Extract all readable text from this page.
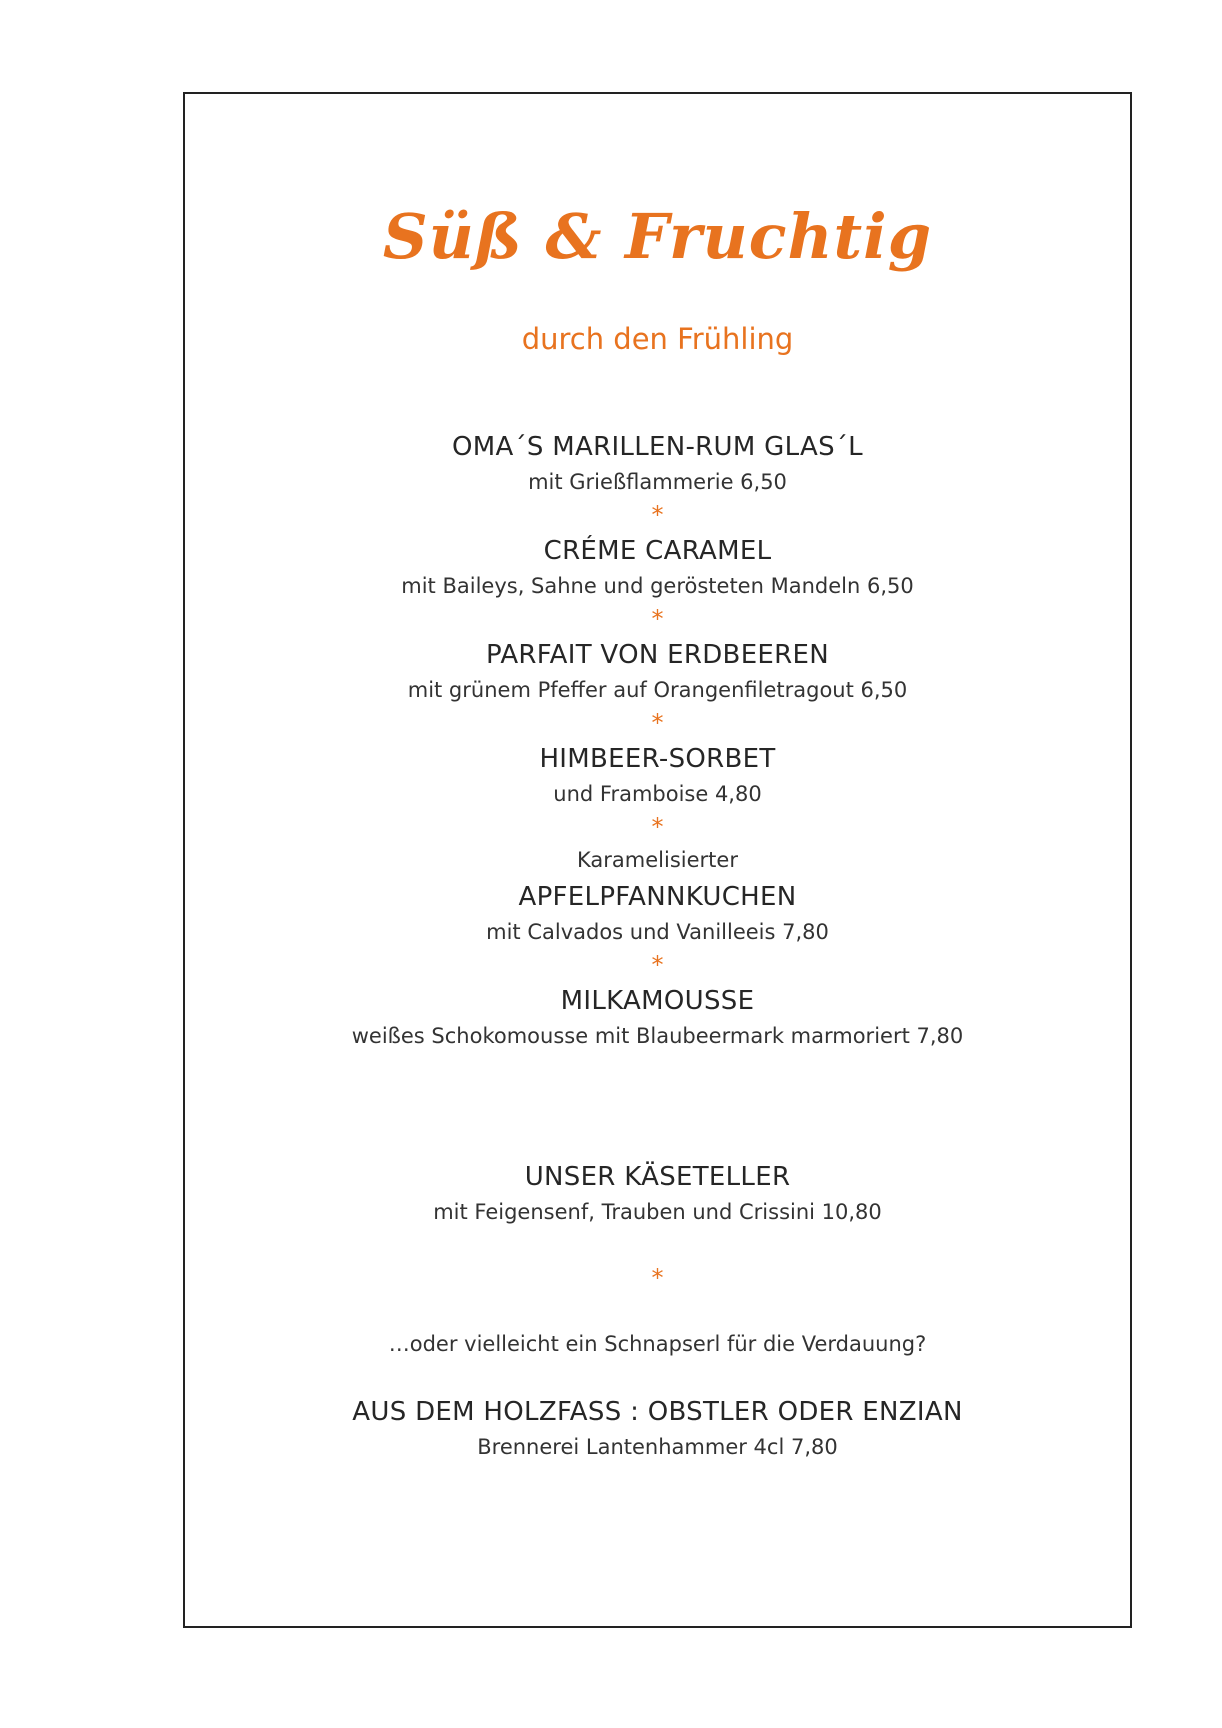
Süß & Fruchtig
durch den Frühling
OMA´S MARILLEN-RUM GLAS´L
mit Grießflammerie 6,50
*
CRÉME CARAMEL
mit Baileys, Sahne und gerösteten Mandeln 6,50
*
PARFAIT VON ERDBEEREN
mit grünem Pfeffer auf Orangenfiletragout 6,50
*
HIMBEER-SORBET
und Framboise 4,80
*
Karamelisierter
APFELPFANNKUCHEN
mit Calvados und Vanilleeis 7,80
*
MILKAMOUSSE
weißes Schokomousse mit Blaubeermark marmoriert 7,80
UNSER KÄSETELLER
mit Feigensenf, Trauben und Crissini 10,80
*
…oder vielleicht ein Schnapserl für die Verdauung?
AUS DEM HOLZFASS : OBSTLER ODER ENZIAN
Brennerei Lantenhammer 4cl 7,80
